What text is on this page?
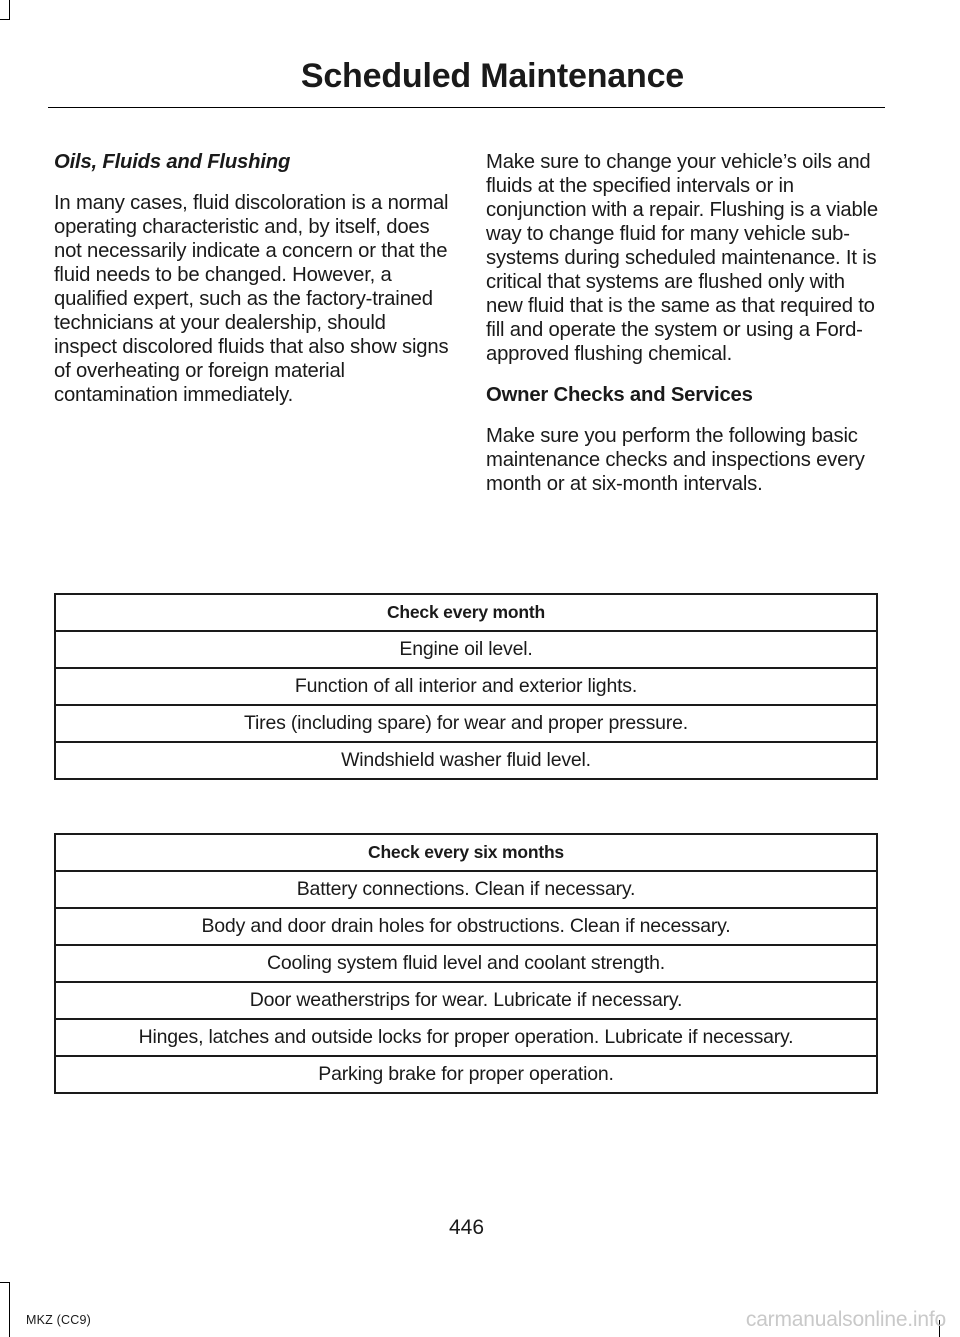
Scheduled Maintenance

Oils, Fluids and Flushing

In many cases, fluid discoloration is a normal operating characteristic and, by itself, does not necessarily indicate a concern or that the fluid needs to be changed. However, a qualified expert, such as the factory-trained technicians at your dealership, should inspect discolored fluids that also show signs of overheating or foreign material contamination immediately.

Make sure to change your vehicle’s oils and fluids at the specified intervals or in conjunction with a repair. Flushing is a viable way to change fluid for many vehicle sub-systems during scheduled maintenance. It is critical that systems are flushed only with new fluid that is the same as that required to fill and operate the system or using a Ford-approved flushing chemical.

Owner Checks and Services

Make sure you perform the following basic maintenance checks and inspections every month or at six-month intervals.

Check every month
Engine oil level.
Function of all interior and exterior lights.
Tires (including spare) for wear and proper pressure.
Windshield washer fluid level.
Check every six months
Battery connections. Clean if necessary.
Body and door drain holes for obstructions. Clean if necessary.
Cooling system fluid level and coolant strength.
Door weatherstrips for wear. Lubricate if necessary.
Hinges, latches and outside locks for proper operation. Lubricate if necessary.
Parking brake for proper operation.
446
MKZ (CC9)	carmanualsonline.info
